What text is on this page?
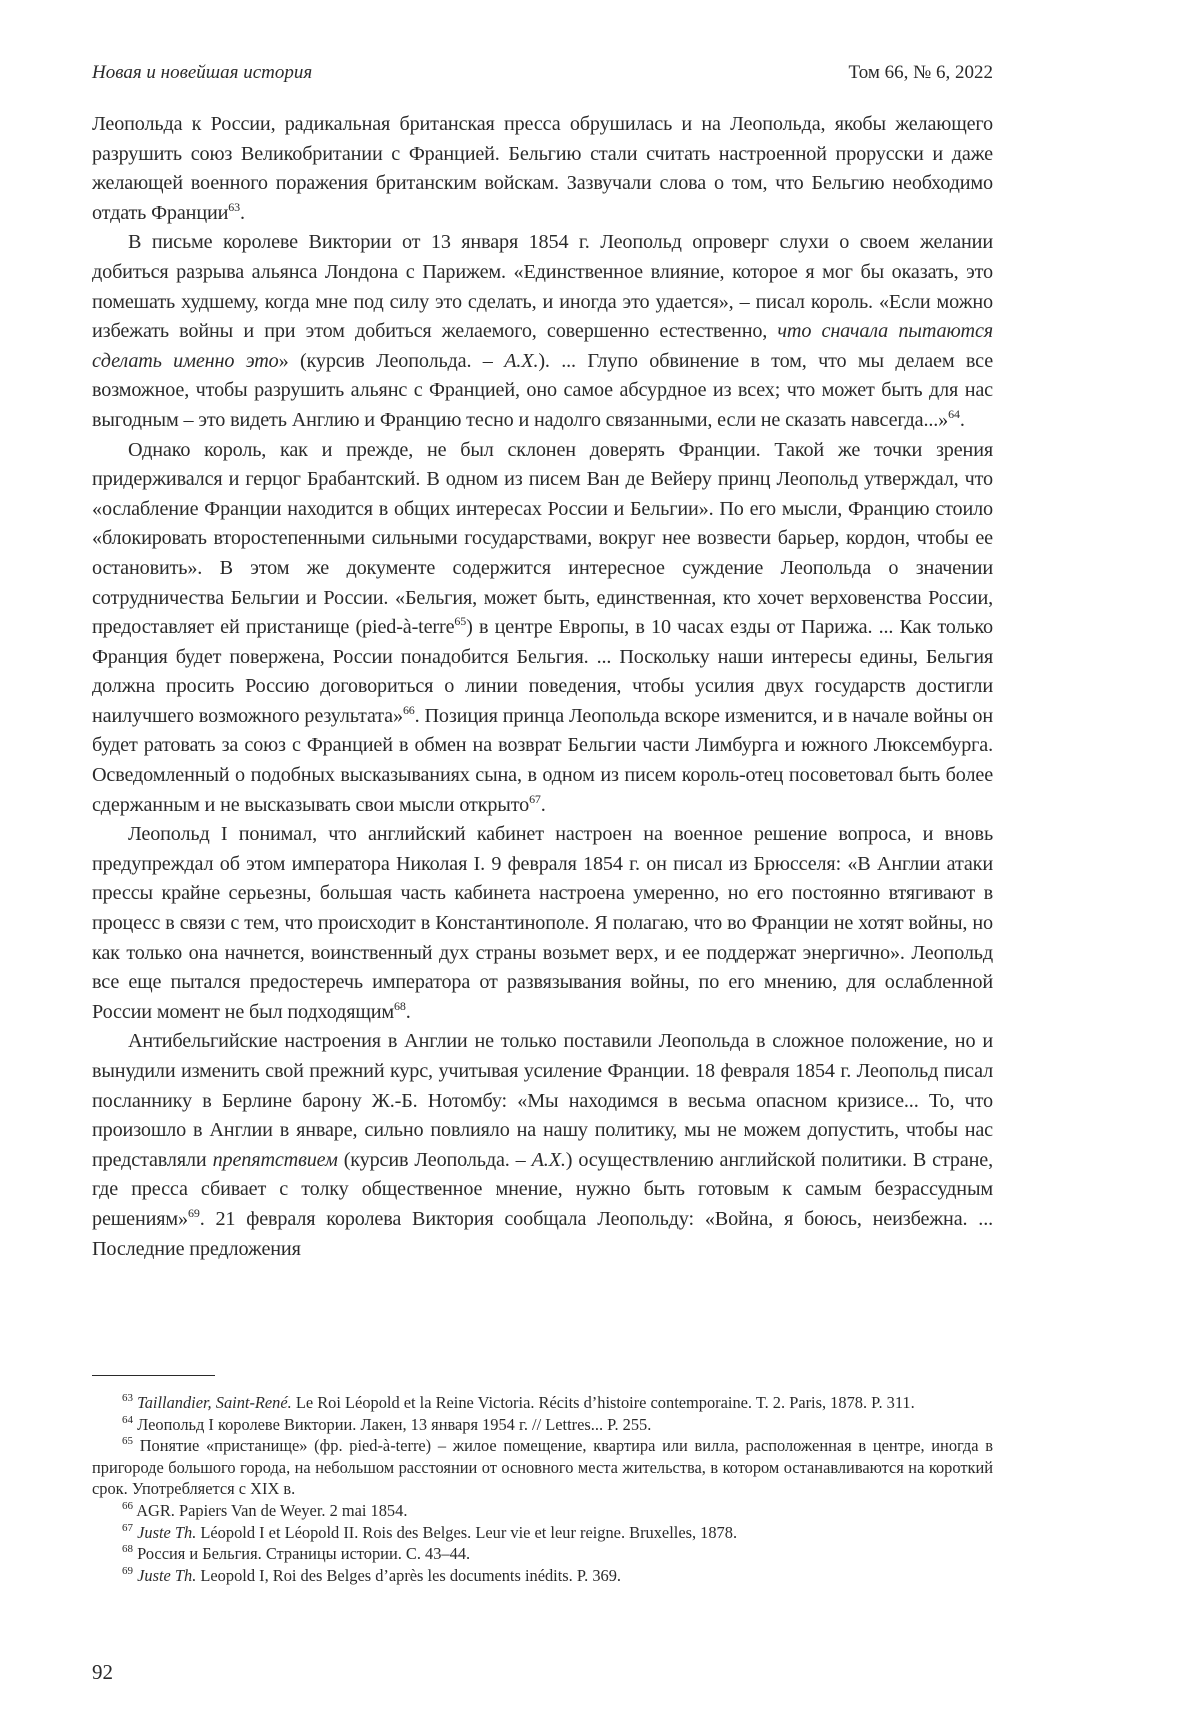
Новая и новейшая история	Том 66, № 6, 2022

Леопольда к России, радикальная британская пресса обрушилась и на Леопольда, якобы желающего разрушить союз Великобритании с Францией. Бельгию стали считать настроенной прорусски и даже желающей военного поражения британским войскам. Зазвучали слова о том, что Бельгию необходимо отдать Франции$^{63}$.

В письме королеве Виктории от 13 января 1854 г. Леопольд опроверг слухи о своем желании добиться разрыва альянса Лондона с Парижем. «Единственное влияние, которое я мог бы оказать, это помешать худшему, когда мне под силу это сделать, и иногда это удается», – писал король. «Если можно избежать войны и при этом добиться желаемого, совершенно естественно, что сначала пытаются сделать именно это» (курсив Леопольда. – А.Х.). ... Глупо обвинение в том, что мы делаем все возможное, чтобы разрушить альянс с Францией, оно самое абсурдное из всех; что может быть для нас выгодным – это видеть Англию и Францию тесно и надолго связанными, если не сказать навсегда...»$^{64}$.

Однако король, как и прежде, не был склонен доверять Франции. Такой же точки зрения придерживался и герцог Брабантский. В одном из писем Ван де Вейеру принц Леопольд утверждал, что «ослабление Франции находится в общих интересах России и Бельгии». По его мысли, Францию стоило «блокировать второстепенными сильными государствами, вокруг нее возвести барьер, кордон, чтобы ее остановить». В этом же документе содержится интересное суждение Леопольда о значении сотрудничества Бельгии и России. «Бельгия, может быть, единственная, кто хочет верховенства России, предоставляет ей пристанище (pied-à-terre$^{65}$) в центре Европы, в 10 часах езды от Парижа. ... Как только Франция будет повержена, России понадобится Бельгия. ... Поскольку наши интересы едины, Бельгия должна просить Россию договориться о линии поведения, чтобы усилия двух государств достигли наилучшего возможного результата»$^{66}$. Позиция принца Леопольда вскоре изменится, и в начале войны он будет ратовать за союз с Францией в обмен на возврат Бельгии части Лимбурга и южного Люксембурга. Осведомленный о подобных высказываниях сына, в одном из писем король-отец посоветовал быть более сдержанным и не высказывать свои мысли открыто$^{67}$.

Леопольд I понимал, что английский кабинет настроен на военное решение вопроса, и вновь предупреждал об этом императора Николая I. 9 февраля 1854 г. он писал из Брюсселя: «В Англии атаки прессы крайне серьезны, большая часть кабинета настроена умеренно, но его постоянно втягивают в процесс в связи с тем, что происходит в Константинополе. Я полагаю, что во Франции не хотят войны, но как только она начнется, воинственный дух страны возьмет верх, и ее поддержат энергично». Леопольд все еще пытался предостеречь императора от развязывания войны, по его мнению, для ослабленной России момент не был подходящим$^{68}$.

Антибельгийские настроения в Англии не только поставили Леопольда в сложное положение, но и вынудили изменить свой прежний курс, учитывая усиление Франции. 18 февраля 1854 г. Леопольд писал посланнику в Берлине барону Ж.-Б. Нотомбу: «Мы находимся в весьма опасном кризисе... То, что произошло в Англии в январе, сильно повлияло на нашу политику, мы не можем допустить, чтобы нас представляли препятствием (курсив Леопольда. – А.Х.) осуществлению английской политики. В стране, где пресса сбивает с толку общественное мнение, нужно быть готовым к самым безрассудным решениям»$^{69}$. 21 февраля королева Виктория сообщала Леопольду: «Война, я боюсь, неизбежна. ... Последние предложения

$^{63}$ Taillandier, Saint-René. Le Roi Léopold et la Reine Victoria. Récits d’histoire contemporaine. T. 2. Paris, 1878. P. 311.

$^{64}$ Леопольд I королеве Виктории. Лакен, 13 января 1954 г. // Lettres... P. 255.

$^{65}$ Понятие «пристанище» (фр. pied-à-terre) – жилое помещение, квартира или вилла, расположенная в центре, иногда в пригороде большого города, на небольшом расстоянии от основного места жительства, в котором останавливаются на короткий срок. Употребляется с XIX в.

$^{66}$ AGR. Papiers Van de Weyer. 2 mai 1854.

$^{67}$ Juste Th. Léopold I et Léopold II. Rois des Belges. Leur vie et leur reigne. Bruxelles, 1878.

$^{68}$ Россия и Бельгия. Страницы истории. С. 43–44.

$^{69}$ Juste Th. Leopold I, Roi des Belges d’après les documents inédits. P. 369.

92
